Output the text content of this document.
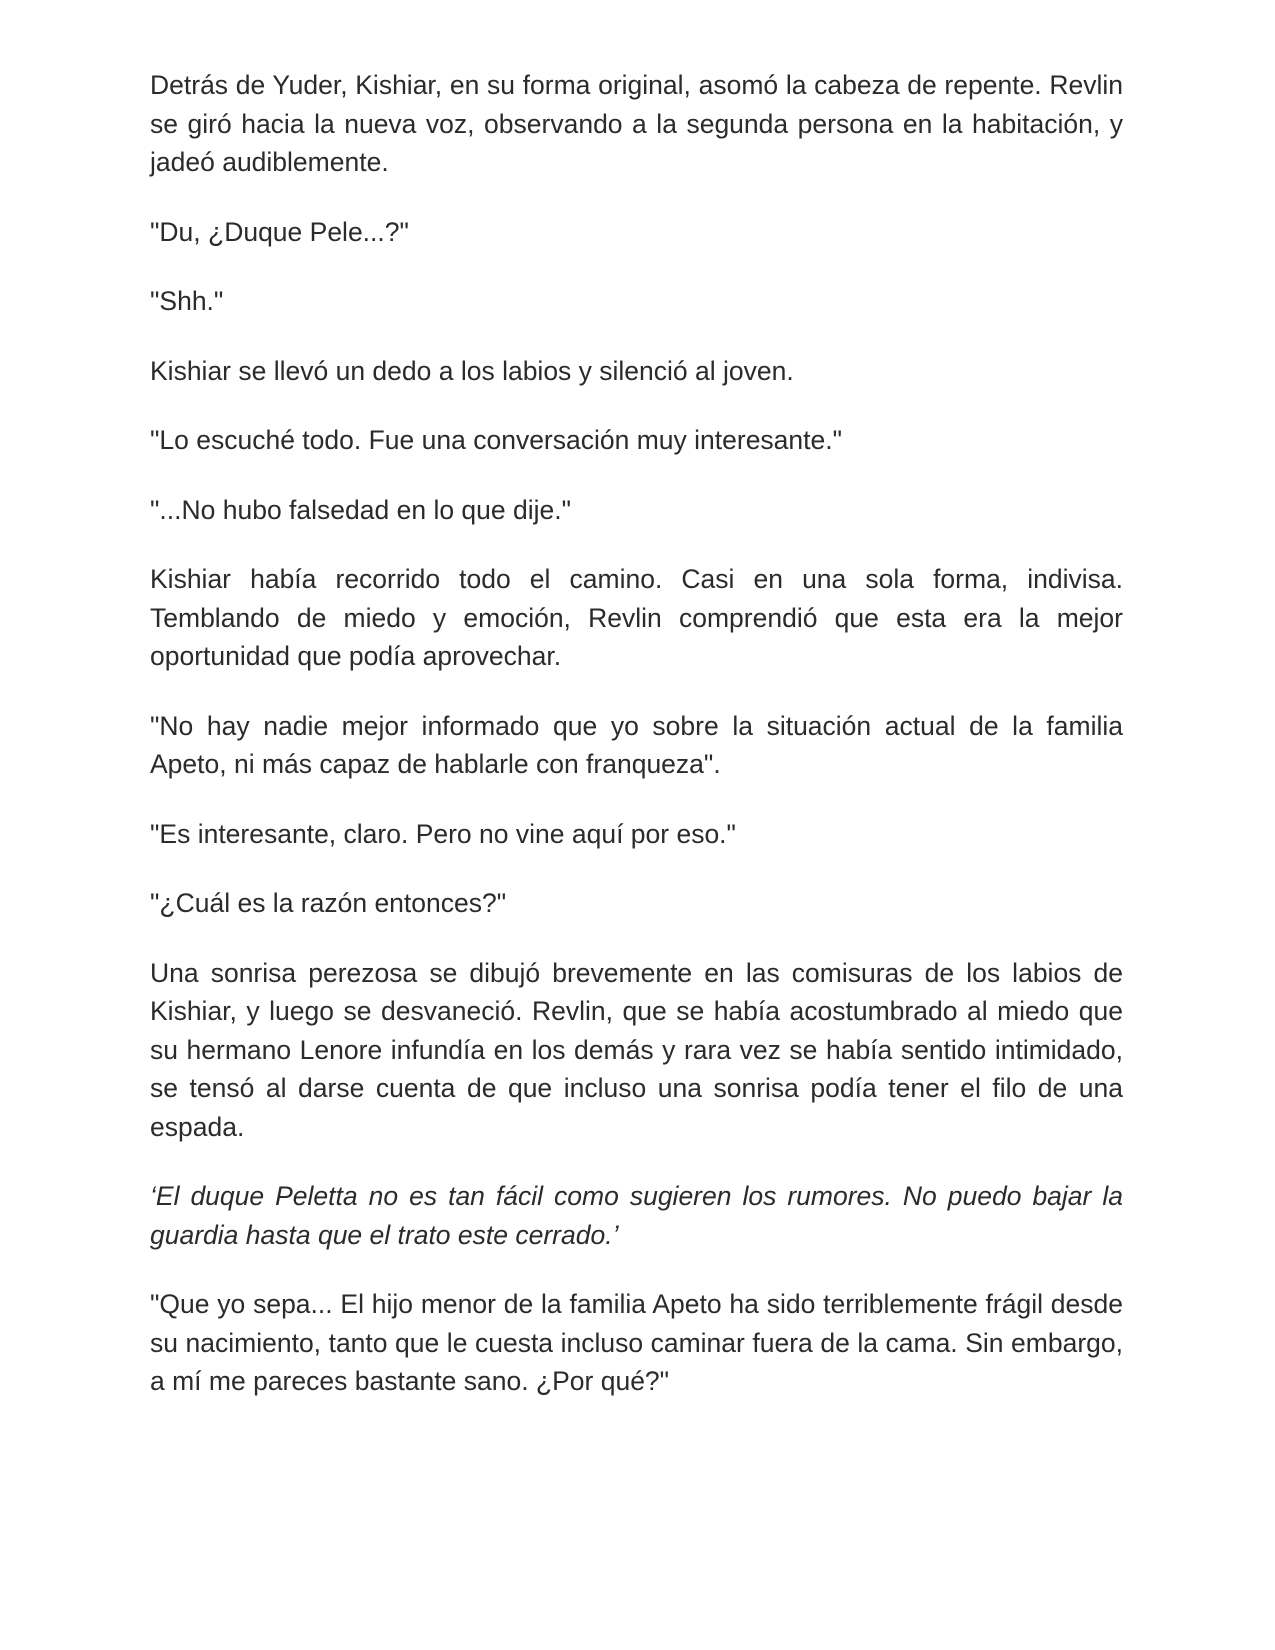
Detrás de Yuder, Kishiar, en su forma original, asomó la cabeza de repente. Revlin se giró hacia la nueva voz, observando a la segunda persona en la habitación, y jadeó audiblemente.

"Du, ¿Duque Pele...?"

"Shh."

Kishiar se llevó un dedo a los labios y silenció al joven.

"Lo escuché todo. Fue una conversación muy interesante."

"...No hubo falsedad en lo que dije."

Kishiar había recorrido todo el camino. Casi en una sola forma, indivisa. Temblando de miedo y emoción, Revlin comprendió que esta era la mejor oportunidad que podía aprovechar.

"No hay nadie mejor informado que yo sobre la situación actual de la familia Apeto, ni más capaz de hablarle con franqueza".

"Es interesante, claro. Pero no vine aquí por eso."

"¿Cuál es la razón entonces?"

Una sonrisa perezosa se dibujó brevemente en las comisuras de los labios de Kishiar, y luego se desvaneció. Revlin, que se había acostumbrado al miedo que su hermano Lenore infundía en los demás y rara vez se había sentido intimidado, se tensó al darse cuenta de que incluso una sonrisa podía tener el filo de una espada.

‘El duque Peletta no es tan fácil como sugieren los rumores. No puedo bajar la guardia hasta que el trato este cerrado.’

"Que yo sepa... El hijo menor de la familia Apeto ha sido terriblemente frágil desde su nacimiento, tanto que le cuesta incluso caminar fuera de la cama. Sin embargo, a mí me pareces bastante sano. ¿Por qué?"
